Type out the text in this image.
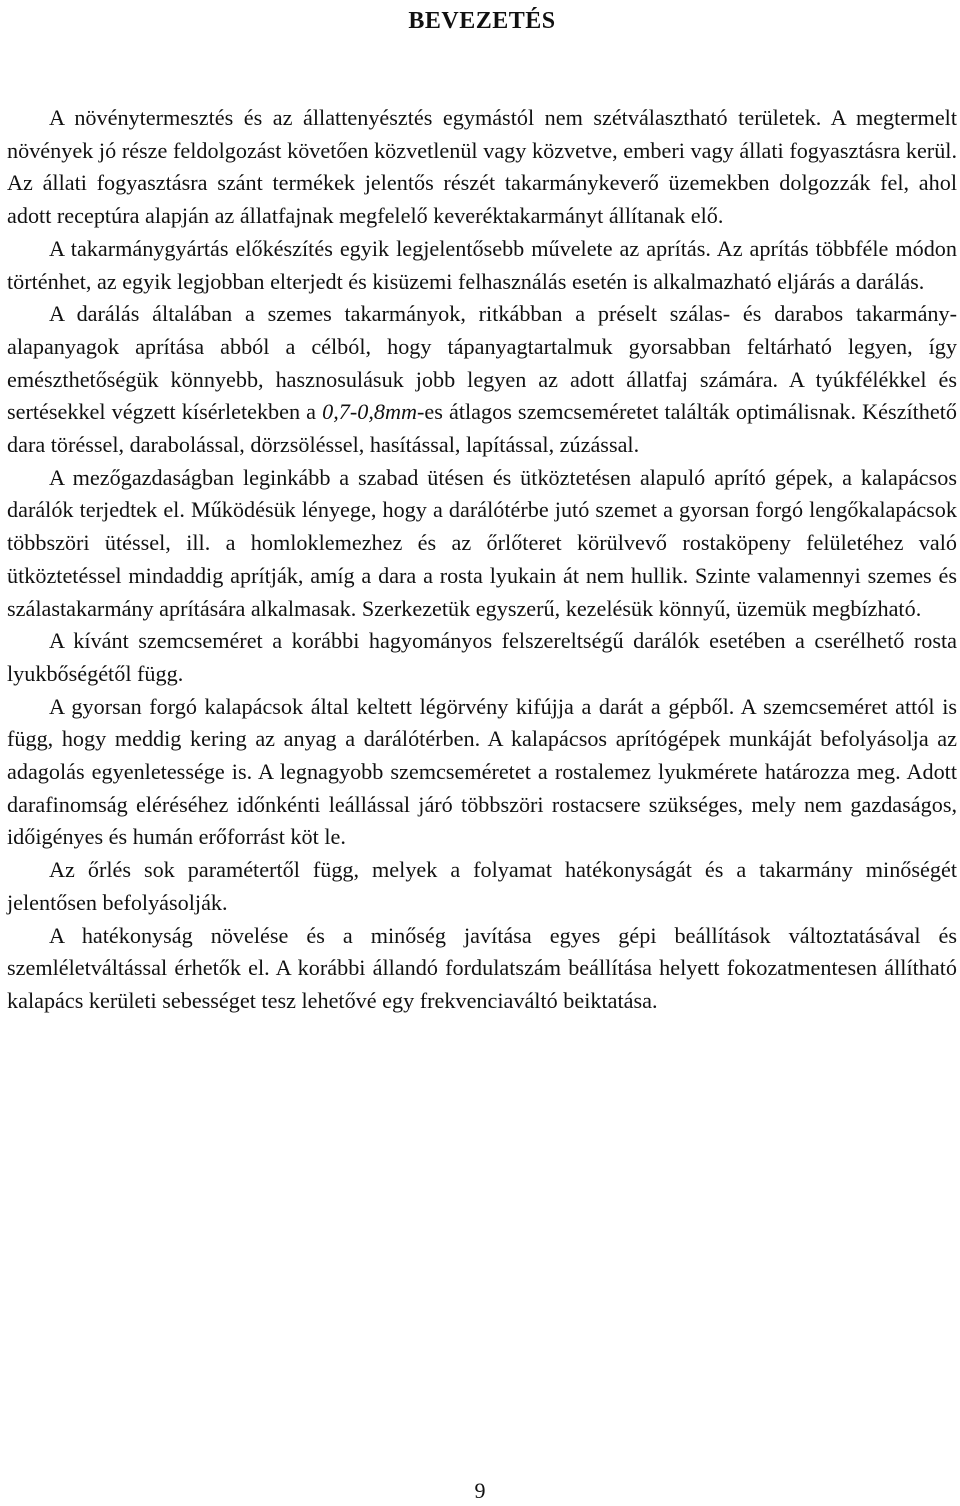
BEVEZETÉS

A növénytermesztés és az állattenyésztés egymástól nem szétválasztható területek. A megtermelt növények jó része feldolgozást követően közvetlenül vagy közvetve, emberi vagy állati fogyasztásra kerül. Az állati fogyasztásra szánt termékek jelentős részét takarmánykeverő üzemekben dolgozzák fel, ahol adott receptúra alapján az állatfajnak megfelelő keveréktakarmányt állítanak elő.

A takarmánygyártás előkészítés egyik legjelentősebb művelete az aprítás. Az aprítás többféle módon történhet, az egyik legjobban elterjedt és kisüzemi felhasználás esetén is alkalmazható eljárás a darálás.

A darálás általában a szemes takarmányok, ritkábban a préselt szálas- és darabos takarmány-alapanyagok aprítása abból a célból, hogy tápanyagtartalmuk gyorsabban feltárható legyen, így emészthetőségük könnyebb, hasznosulásuk jobb legyen az adott állatfaj számára. A tyúkfélékkel és sertésekkel végzett kísérletekben a 0,7-0,8mm-es átlagos szemcseméretet találták optimálisnak. Készíthető dara töréssel, darabolással, dörzsöléssel, hasítással, lapítással, zúzással.

A mezőgazdaságban leginkább a szabad ütésen és ütköztetésen alapuló aprító gépek, a kalapácsos darálók terjedtek el. Működésük lényege, hogy a darálótérbe jutó szemet a gyorsan forgó lengőkalapácsok többszöri ütéssel, ill. a homloklemezhez és az őrlőteret körülvevő rostaköpeny felületéhez való ütköztetéssel mindaddig aprítják, amíg a dara a rosta lyukain át nem hullik. Szinte valamennyi szemes és szálastakarmány aprítására alkalmasak. Szerkezetük egyszerű, kezelésük könnyű, üzemük megbízható.

A kívánt szemcseméret a korábbi hagyományos felszereltségű darálók esetében a cserélhető rosta lyukbőségétől függ.

A gyorsan forgó kalapácsok által keltett légörvény kifújja a darát a gépből. A szemcseméret attól is függ, hogy meddig kering az anyag a darálótérben. A kalapácsos aprítógépek munkáját befolyásolja az adagolás egyenletessége is. A legnagyobb szemcseméretet a rostalemez lyukmérete határozza meg. Adott darafinomság eléréséhez időnkénti leállással járó többszöri rostacsere szükséges, mely nem gazdaságos, időigényes és humán erőforrást köt le.

Az őrlés sok paramétertől függ, melyek a folyamat hatékonyságát és a takarmány minőségét jelentősen befolyásolják.

A hatékonyság növelése és a minőség javítása egyes gépi beállítások változtatásával és szemléletváltással érhetők el. A korábbi állandó fordulatszám beállítása helyett fokozatmentesen állítható kalapács kerületi sebességet tesz lehetővé egy frekvenciaváltó beiktatása.

9
